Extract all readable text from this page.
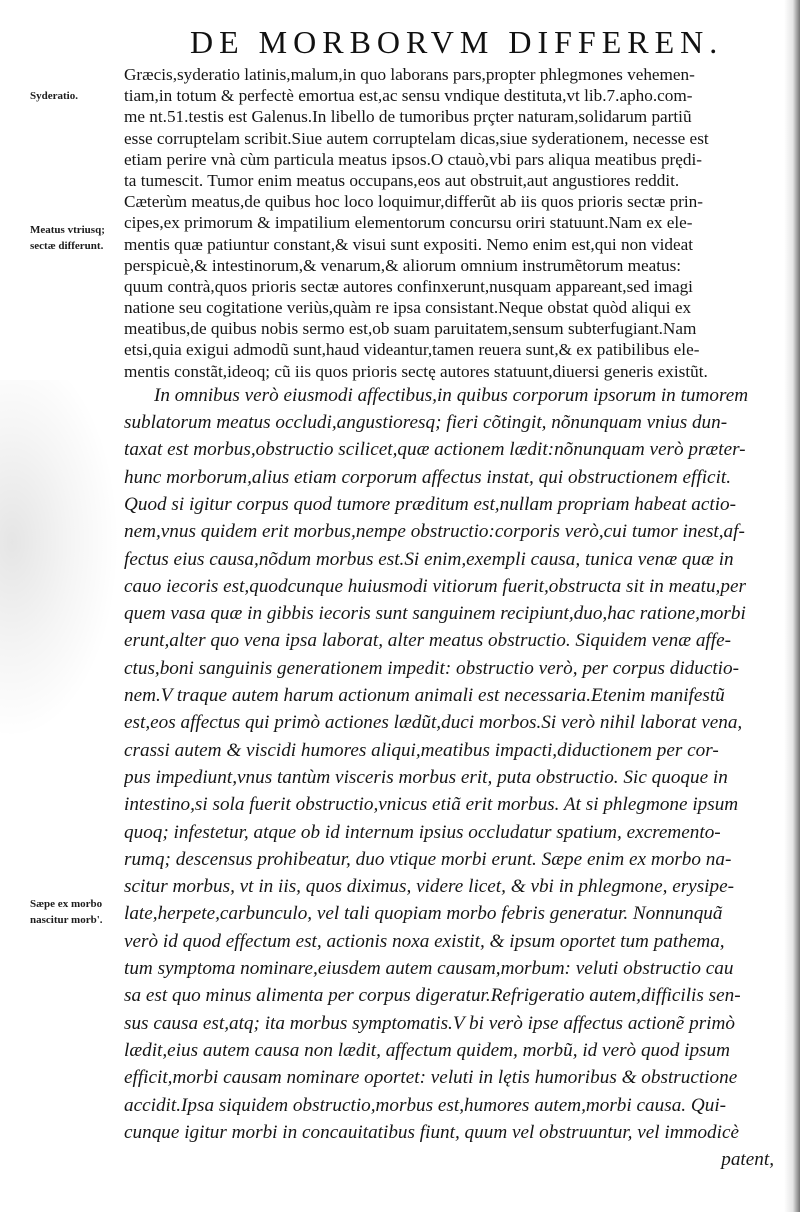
DE MORBORVM DIFFEREN.
Syderatio.
Meatus vtriusq;
sectæ differunt.
Sæpe ex morbo
nascitur morb'.
Græcis,syderatio latinis,malum,in quo laborans pars,propter phlegmones vehemen-
tiam,in totum & perfectè emortua est,ac sensu vndique destituta,vt lib.7.apho.com-
me nt.51.testis est Galenus.In libello de tumoribus prçter naturam,solidarum partiũ
esse corruptelam scribit.Siue autem corruptelam dicas,siue syderationem, necesse est
etiam perire vnà cùm particula meatus ipsos.O ctauò,vbi pars aliqua meatibus prędi-
ta tumescit. Tumor enim meatus occupans,eos aut obstruit,aut angustiores reddit.
Cæterùm meatus,de quibus hoc loco loquimur,differũt ab iis quos prioris sectæ prin-
cipes,ex primorum & impatilium elementorum concursu oriri statuunt.Nam ex ele-
mentis quæ patiuntur constant,& visui sunt expositi. Nemo enim est,qui non videat
perspicuè,& intestinorum,& venarum,& aliorum omnium instrumẽtorum meatus:
quum contrà,quos prioris sectæ autores confinxerunt,nusquam appareant,sed imagi
natione seu cogitatione veriùs,quàm re ipsa consistant.Neque obstat quòd aliqui ex
meatibus,de quibus nobis sermo est,ob suam paruitatem,sensum subterfugiant.Nam
etsi,quia exigui admodũ sunt,haud videantur,tamen reuera sunt,& ex patibilibus ele-
mentis constãt,ideoq; cũ iis quos prioris sectę autores statuunt,diuersi generis existũt.
In omnibus verò eiusmodi affectibus,in quibus corporum ipsorum in tumorem
sublatorum meatus occludi,angustioresq; fieri cõtingit, nõnunquam vnius dun-
taxat est morbus,obstructio scilicet,quæ actionem lædit:nõnunquam verò præter-
hunc morborum,alius etiam corporum affectus instat, qui obstructionem efficit.
Quod si igitur corpus quod tumore præditum est,nullam propriam habeat actio-
nem,vnus quidem erit morbus,nempe obstructio:corporis verò,cui tumor inest,af-
fectus eius causa,nõdum morbus est.Si enim,exempli causa, tunica venæ quæ in
cauo iecoris est,quodcunque huiusmodi vitiorum fuerit,obstructa sit in meatu,per
quem vasa quæ in gibbis iecoris sunt sanguinem recipiunt,duo,hac ratione,morbi
erunt,alter quo vena ipsa laborat, alter meatus obstructio. Siquidem venæ affe-
ctus,boni sanguinis generationem impedit: obstructio verò, per corpus diductio-
nem.V traque autem harum actionum animali est necessaria.Etenim manifestũ
est,eos affectus qui primò actiones lædũt,duci morbos.Si verò nihil laborat vena,
crassi autem & viscidi humores aliqui,meatibus impacti,diductionem per cor-
pus impediunt,vnus tantùm visceris morbus erit, puta obstructio. Sic quoque in
intestino,si sola fuerit obstructio,vnicus etiã erit morbus. At si phlegmone ipsum
quoq; infestetur, atque ob id internum ipsius occludatur spatium, excremento-
rumq; descensus prohibeatur, duo vtique morbi erunt. Sæpe enim ex morbo na-
scitur morbus, vt in iis, quos diximus, videre licet, & vbi in phlegmone, erysipe-
late,herpete,carbunculo, vel tali quopiam morbo febris generatur. Nonnunquã
verò id quod effectum est, actionis noxa existit, & ipsum oportet tum pathema,
tum symptoma nominare,eiusdem autem causam,morbum: veluti obstructio cau
sa est quo minus alimenta per corpus digeratur.Refrigeratio autem,difficilis sen-
sus causa est,atq; ita morbus symptomatis.V bi verò ipse affectus actionẽ primò
lædit,eius autem causa non lædit, affectum quidem, morbũ, id verò quod ipsum
efficit,morbi causam nominare oportet: veluti in lętis humoribus & obstructione
accidit.Ipsa siquidem obstructio,morbus est,humores autem,morbi causa. Qui-
cunque igitur morbi in concauitatibus fiunt, quum vel obstruuntur, vel immodicè
patent,
